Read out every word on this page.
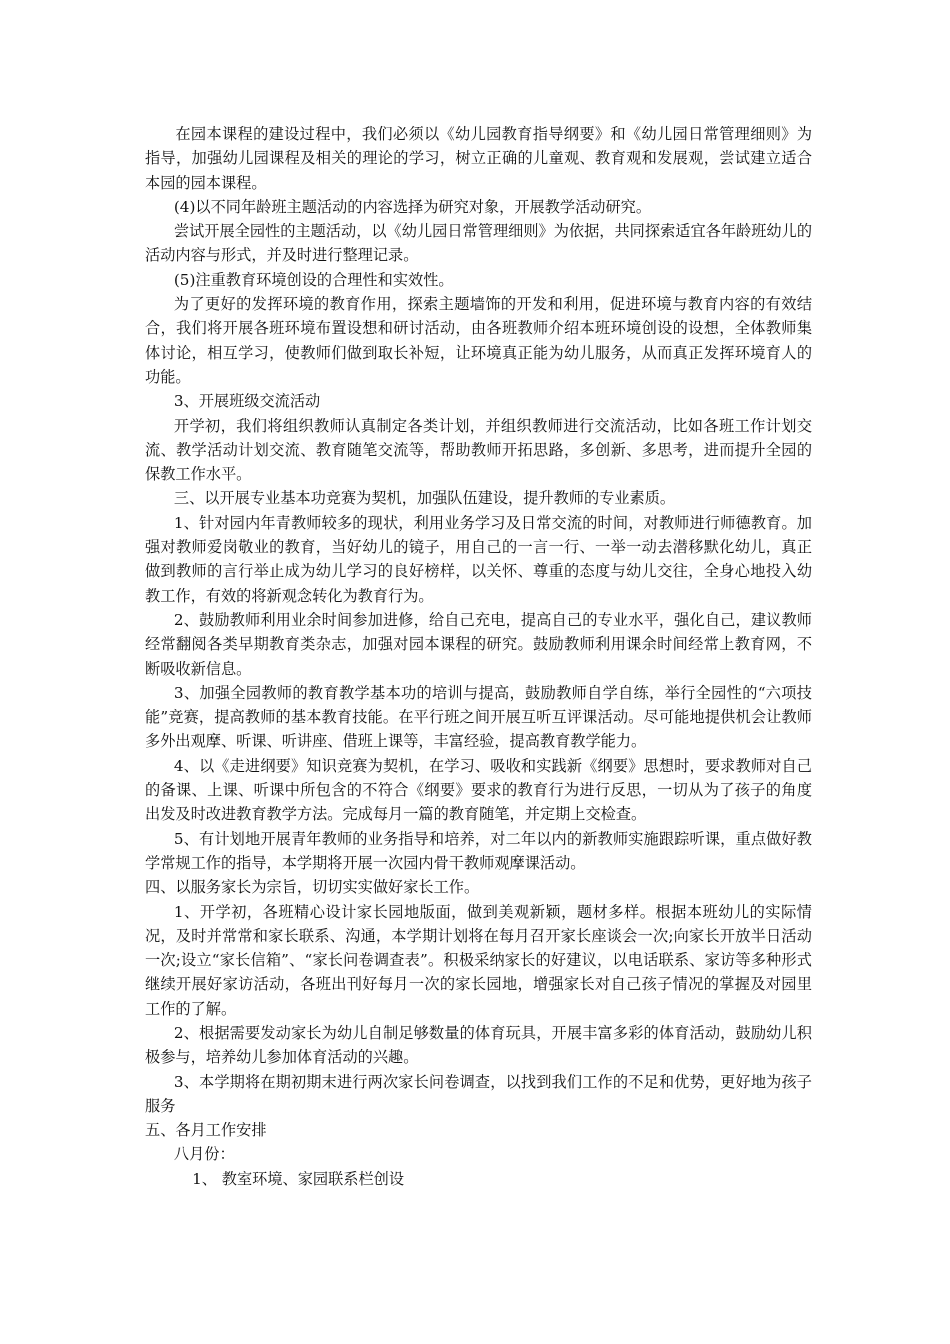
在园本课程的建设过程中，我们必须以《幼儿园教育指导纲要》和《幼儿园日常管理细则》为指导，加强幼儿园课程及相关的理论的学习，树立正确的儿童观、教育观和发展观，尝试建立适合本园的园本课程。

(4)以不同年龄班主题活动的内容选择为研究对象，开展教学活动研究。

尝试开展全园性的主题活动，以《幼儿园日常管理细则》为依据，共同探索适宜各年龄班幼儿的活动内容与形式，并及时进行整理记录。

(5)注重教育环境创设的合理性和实效性。

为了更好的发挥环境的教育作用，探索主题墙饰的开发和利用，促进环境与教育内容的有效结合，我们将开展各班环境布置设想和研讨活动，由各班教师介绍本班环境创设的设想，全体教师集体讨论，相互学习，使教师们做到取长补短，让环境真正能为幼儿服务，从而真正发挥环境育人的功能。

3、开展班级交流活动

开学初，我们将组织教师认真制定各类计划，并组织教师进行交流活动，比如各班工作计划交流、教学活动计划交流、教育随笔交流等，帮助教师开拓思路，多创新、多思考，进而提升全园的保教工作水平。

三、以开展专业基本功竞赛为契机，加强队伍建设，提升教师的专业素质。

1、针对园内年青教师较多的现状，利用业务学习及日常交流的时间，对教师进行师德教育。加强对教师爱岗敬业的教育，当好幼儿的镜子，用自己的一言一行、一举一动去潜移默化幼儿，真正做到教师的言行举止成为幼儿学习的良好榜样，以关怀、尊重的态度与幼儿交往，全身心地投入幼教工作，有效的将新观念转化为教育行为。

2、鼓励教师利用业余时间参加进修，给自己充电，提高自己的专业水平，强化自己，建议教师经常翻阅各类早期教育类杂志，加强对园本课程的研究。鼓励教师利用课余时间经常上教育网，不断吸收新信息。

3、加强全园教师的教育教学基本功的培训与提高，鼓励教师自学自练，举行全园性的“六项技能”竞赛，提高教师的基本教育技能。在平行班之间开展互听互评课活动。尽可能地提供机会让教师多外出观摩、听课、听讲座、借班上课等，丰富经验，提高教育教学能力。

4、以《走进纲要》知识竞赛为契机，在学习、吸收和实践新《纲要》思想时，要求教师对自己的备课、上课、听课中所包含的不符合《纲要》要求的教育行为进行反思，一切从为了孩子的角度出发及时改进教育教学方法。完成每月一篇的教育随笔，并定期上交检查。

5、有计划地开展青年教师的业务指导和培养，对二年以内的新教师实施跟踪听课，重点做好教学常规工作的指导，本学期将开展一次园内骨干教师观摩课活动。

四、以服务家长为宗旨，切切实实做好家长工作。

1、开学初，各班精心设计家长园地版面，做到美观新颖，题材多样。根据本班幼儿的实际情况，及时并常常和家长联系、沟通，本学期计划将在每月召开家长座谈会一次;向家长开放半日活动一次;设立“家长信箱”、“家长问卷调查表”。积极采纳家长的好建议，以电话联系、家访等多种形式继续开展好家访活动，各班出刊好每月一次的家长园地，增强家长对自己孩子情况的掌握及对园里工作的了解。

2、根据需要发动家长为幼儿自制足够数量的体育玩具，开展丰富多彩的体育活动，鼓励幼儿积极参与，培养幼儿参加体育活动的兴趣。

3、本学期将在期初期末进行两次家长问卷调查，以找到我们工作的不足和优势，更好地为孩子服务

五、各月工作安排

八月份：

1、 教室环境、家园联系栏创设
